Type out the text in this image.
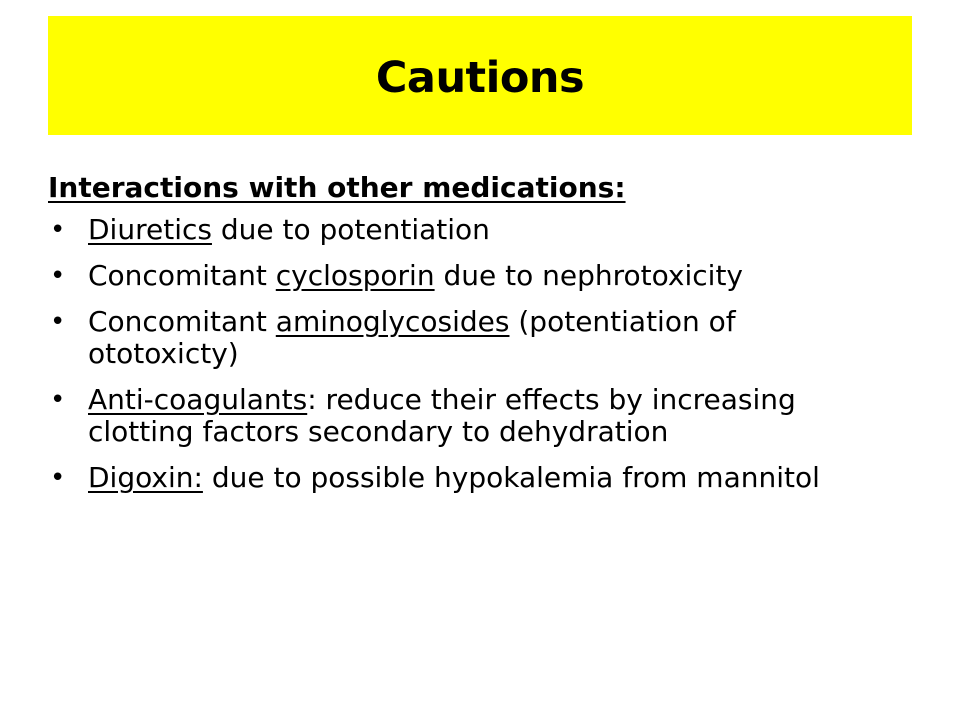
Cautions
Interactions with other medications:
• Diuretics due to potentiation
• Concomitant cyclosporin due to nephrotoxicity
• Concomitant aminoglycosides (potentiation of ototoxicty)
• Anti-coagulants: reduce their effects by increasing clotting factors secondary to dehydration
• Digoxin: due to possible hypokalemia from mannitol
